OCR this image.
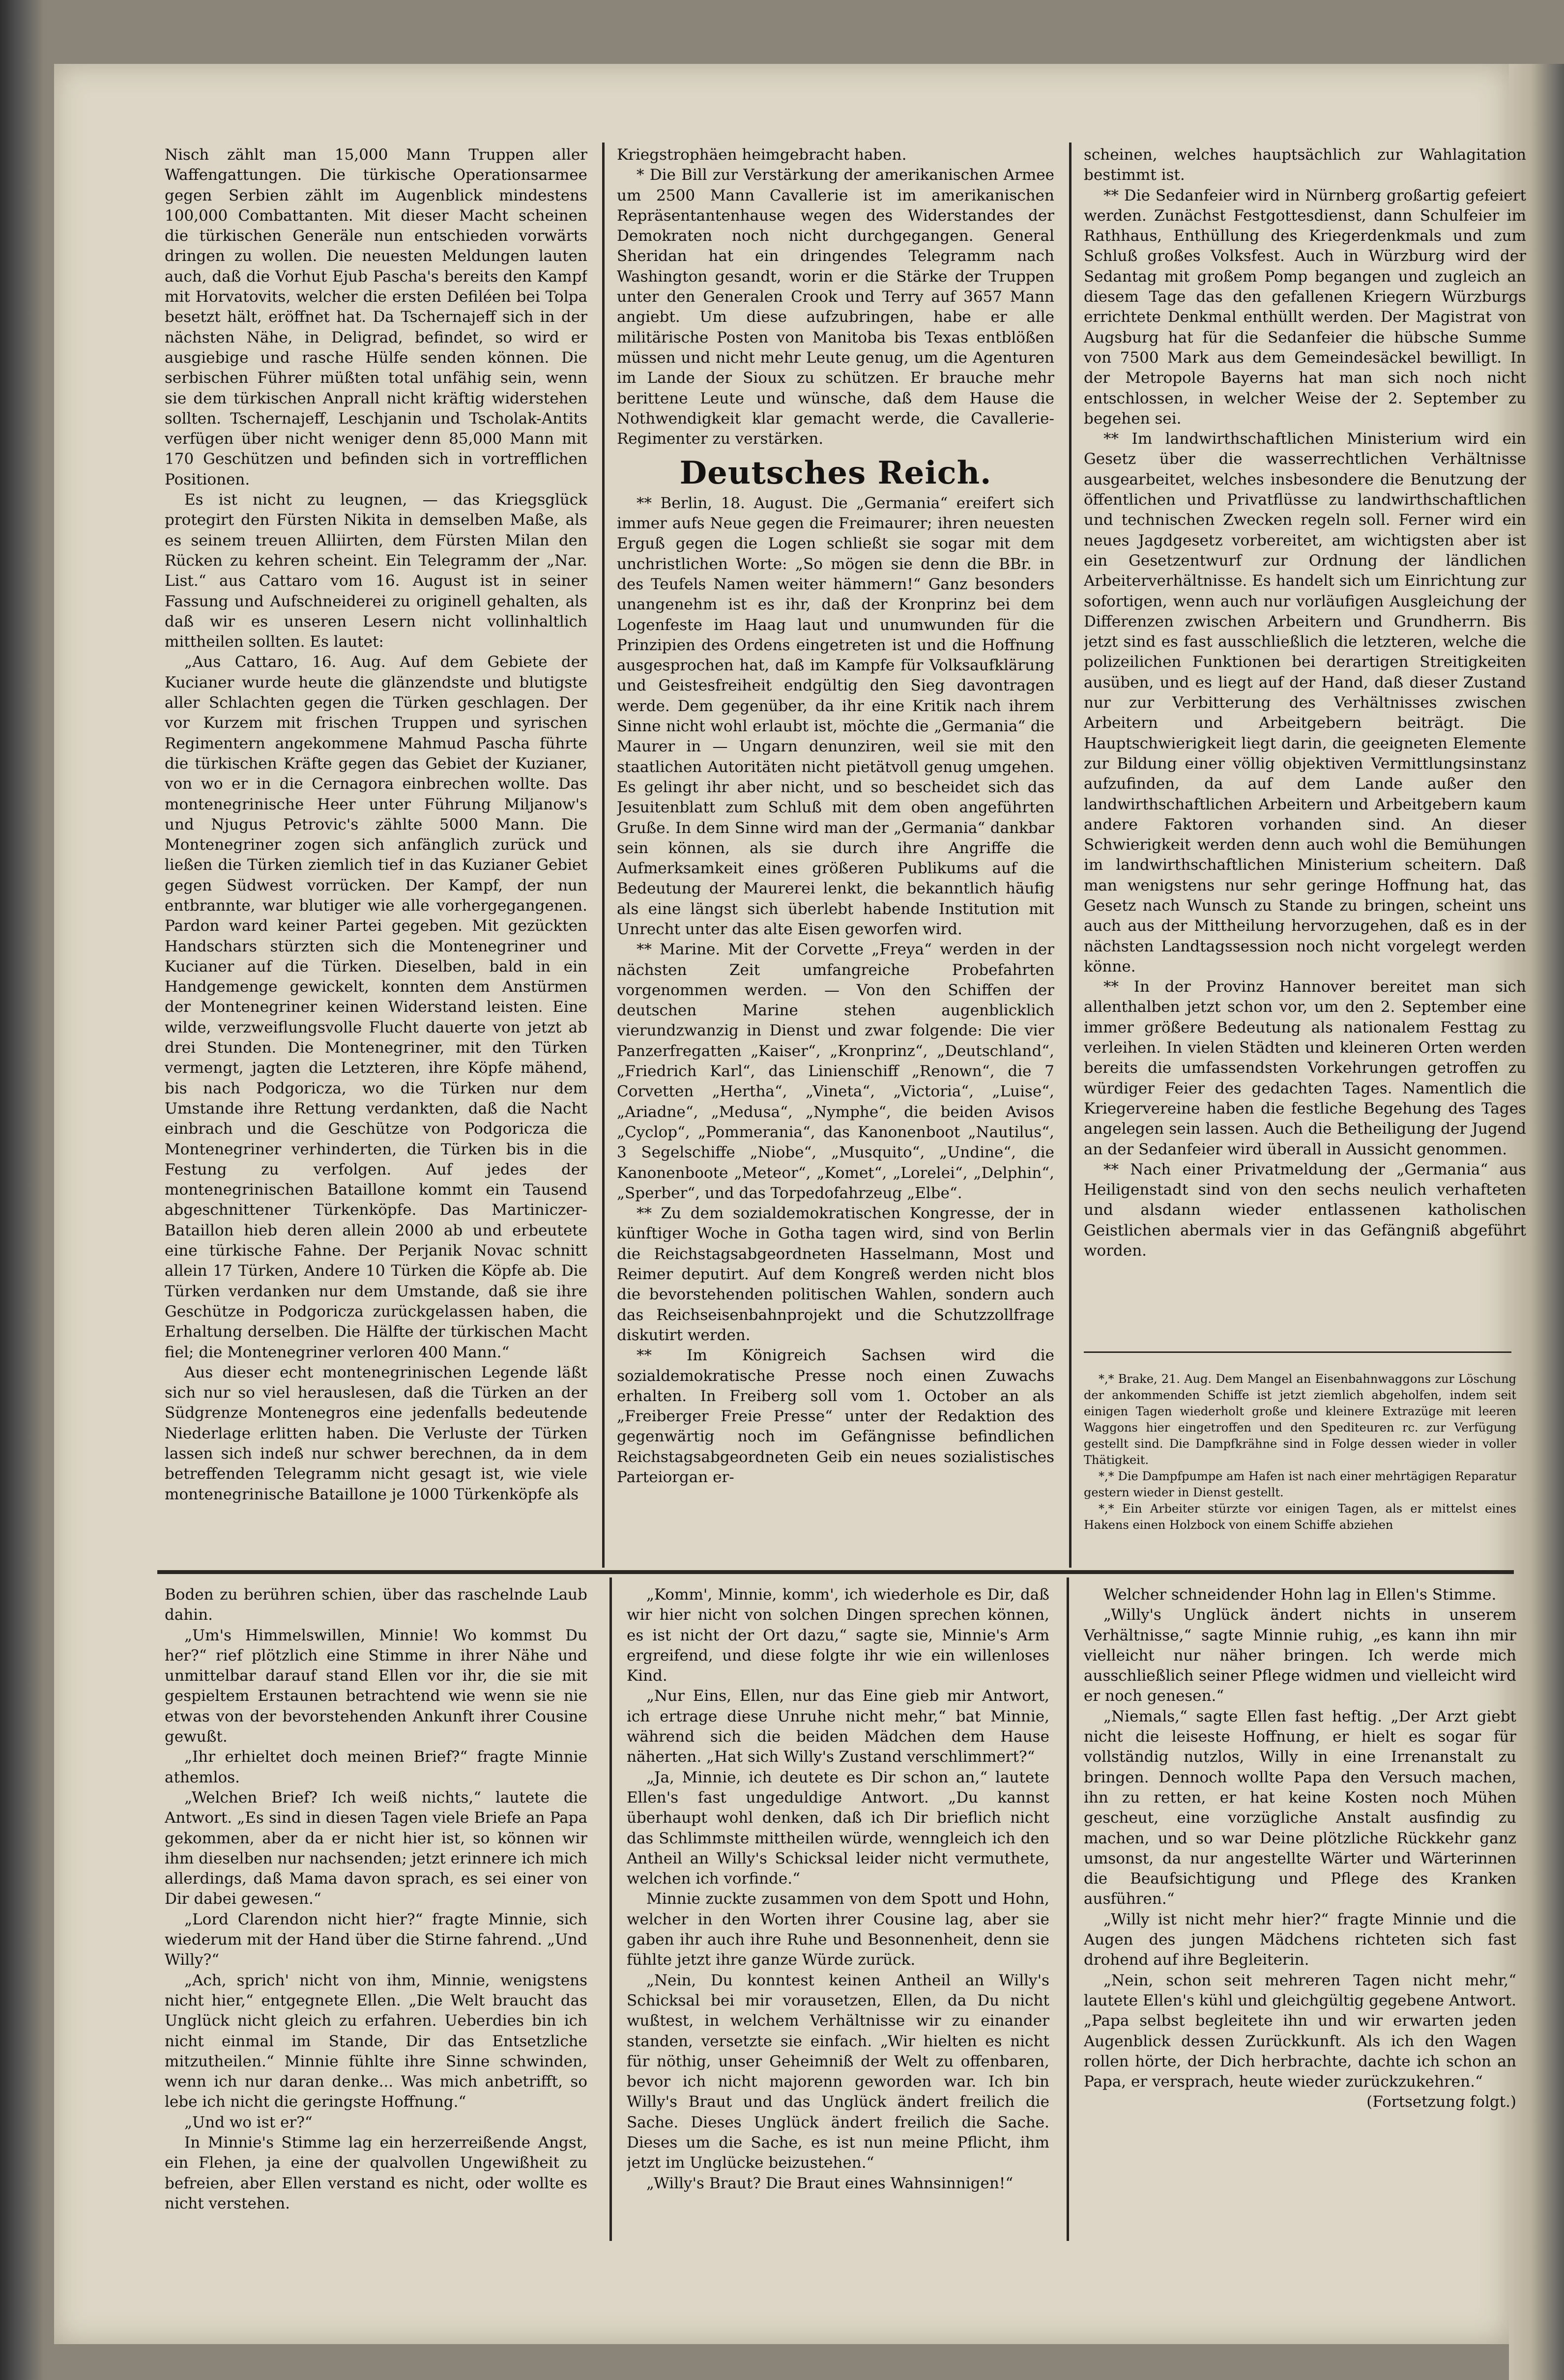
Nisch zählt man 15,000 Mann Truppen aller Waffengattungen. Die türkische Operationsarmee gegen Serbien zählt im Augenblick mindestens 100,000 Combattanten. Mit dieser Macht scheinen die türkischen Generäle nun entschieden vorwärts dringen zu wollen. Die neuesten Meldungen lauten auch, daß die Vorhut Ejub Pascha's bereits den Kampf mit Horvatovits, welcher die ersten Defiléen bei Tolpa besetzt hält, eröffnet hat. Da Tschernajeff sich in der nächsten Nähe, in Deligrad, befindet, so wird er ausgiebige und rasche Hülfe senden können. Die serbischen Führer müßten total unfähig sein, wenn sie dem türkischen Anprall nicht kräftig widerstehen sollten. Tschernajeff, Leschjanin und Tscholak-Antits verfügen über nicht weniger denn 85,000 Mann mit 170 Geschützen und befinden sich in vortrefflichen Positionen.

Es ist nicht zu leugnen, — das Kriegsglück protegirt den Fürsten Nikita in demselben Maße, als es seinem treuen Alliirten, dem Fürsten Milan den Rücken zu kehren scheint. Ein Telegramm der „Nar. List.“ aus Cattaro vom 16. August ist in seiner Fassung und Aufschneiderei zu originell gehalten, als daß wir es unseren Lesern nicht vollinhaltlich mittheilen sollten. Es lautet:

„Aus Cattaro, 16. Aug. Auf dem Gebiete der Kucianer wurde heute die glänzendste und blutigste aller Schlachten gegen die Türken geschlagen. Der vor Kurzem mit frischen Truppen und syrischen Regimentern angekommene Mahmud Pascha führte die türkischen Kräfte gegen das Gebiet der Kuzianer, von wo er in die Cernagora einbrechen wollte. Das montenegrinische Heer unter Führung Miljanow's und Njugus Petrovic's zählte 5000 Mann. Die Montenegriner zogen sich anfänglich zurück und ließen die Türken ziemlich tief in das Kuzianer Gebiet gegen Südwest vorrücken. Der Kampf, der nun entbrannte, war blutiger wie alle vorhergegangenen. Pardon ward keiner Partei gegeben. Mit gezückten Handschars stürzten sich die Montenegriner und Kucianer auf die Türken. Dieselben, bald in ein Handgemenge gewickelt, konnten dem Anstürmen der Montenegriner keinen Widerstand leisten. Eine wilde, verzweiflungsvolle Flucht dauerte von jetzt ab drei Stunden. Die Montenegriner, mit den Türken vermengt, jagten die Letzteren, ihre Köpfe mähend, bis nach Podgoricza, wo die Türken nur dem Umstande ihre Rettung verdankten, daß die Nacht einbrach und die Geschütze von Podgoricza die Montenegriner verhinderten, die Türken bis in die Festung zu verfolgen. Auf jedes der montenegrinischen Bataillone kommt ein Tausend abgeschnittener Türkenköpfe. Das Martiniczer-Bataillon hieb deren allein 2000 ab und erbeutete eine türkische Fahne. Der Perjanik Novac schnitt allein 17 Türken, Andere 10 Türken die Köpfe ab. Die Türken verdanken nur dem Umstande, daß sie ihre Geschütze in Podgoricza zurückgelassen haben, die Erhaltung derselben. Die Hälfte der türkischen Macht fiel; die Montenegriner verloren 400 Mann.“

Aus dieser echt montenegrinischen Legende läßt sich nur so viel herauslesen, daß die Türken an der Südgrenze Montenegros eine jedenfalls bedeutende Niederlage erlitten haben. Die Verluste der Türken lassen sich indeß nur schwer berechnen, da in dem betreffenden Telegramm nicht gesagt ist, wie viele montenegrinische Bataillone je 1000 Türkenköpfe als

Kriegstrophäen heimgebracht haben.

* Die Bill zur Verstärkung der amerikanischen Armee um 2500 Mann Cavallerie ist im amerikanischen Repräsentantenhause wegen des Widerstandes der Demokraten noch nicht durchgegangen. General Sheridan hat ein dringendes Telegramm nach Washington gesandt, worin er die Stärke der Truppen unter den Generalen Crook und Terry auf 3657 Mann angiebt. Um diese aufzubringen, habe er alle militärische Posten von Manitoba bis Texas entblößen müssen und nicht mehr Leute genug, um die Agenturen im Lande der Sioux zu schützen. Er brauche mehr berittene Leute und wünsche, daß dem Hause die Nothwendigkeit klar gemacht werde, die Cavallerie-Regimenter zu verstärken.

Deutsches Reich.

** Berlin, 18. August. Die „Germania“ ereifert sich immer aufs Neue gegen die Freimaurer; ihren neuesten Erguß gegen die Logen schließt sie sogar mit dem unchristlichen Worte: „So mögen sie denn die BBr. in des Teufels Namen weiter hämmern!“ Ganz besonders unangenehm ist es ihr, daß der Kronprinz bei dem Logenfeste im Haag laut und unumwunden für die Prinzipien des Ordens eingetreten ist und die Hoffnung ausgesprochen hat, daß im Kampfe für Volksaufklärung und Geistesfreiheit endgültig den Sieg davontragen werde. Dem gegenüber, da ihr eine Kritik nach ihrem Sinne nicht wohl erlaubt ist, möchte die „Germania“ die Maurer in — Ungarn denunziren, weil sie mit den staatlichen Autoritäten nicht pietätvoll genug umgehen. Es gelingt ihr aber nicht, und so bescheidet sich das Jesuitenblatt zum Schluß mit dem oben angeführten Gruße. In dem Sinne wird man der „Germania“ dankbar sein können, als sie durch ihre Angriffe die Aufmerksamkeit eines größeren Publikums auf die Bedeutung der Maurerei lenkt, die bekanntlich häufig als eine längst sich überlebt habende Institution mit Unrecht unter das alte Eisen geworfen wird.

** Marine. Mit der Corvette „Freya“ werden in der nächsten Zeit umfangreiche Probefahrten vorgenommen werden. — Von den Schiffen der deutschen Marine stehen augenblicklich vierundzwanzig in Dienst und zwar folgende: Die vier Panzerfregatten „Kaiser“, „Kronprinz“, „Deutschland“, „Friedrich Karl“, das Linienschiff „Renown“, die 7 Corvetten „Hertha“, „Vineta“, „Victoria“, „Luise“, „Ariadne“, „Medusa“, „Nymphe“, die beiden Avisos „Cyclop“, „Pommerania“, das Kanonenboot „Nautilus“, 3 Segelschiffe „Niobe“, „Musquito“, „Undine“, die Kanonenboote „Meteor“, „Komet“, „Lorelei“, „Delphin“, „Sperber“, und das Torpedofahrzeug „Elbe“.

** Zu dem sozialdemokratischen Kongresse, der in künftiger Woche in Gotha tagen wird, sind von Berlin die Reichstagsabgeordneten Hasselmann, Most und Reimer deputirt. Auf dem Kongreß werden nicht blos die bevorstehenden politischen Wahlen, sondern auch das Reichseisenbahnprojekt und die Schutzzollfrage diskutirt werden.

** Im Königreich Sachsen wird die sozialdemokratische Presse noch einen Zuwachs erhalten. In Freiberg soll vom 1. October an als „Freiberger Freie Presse“ unter der Redaktion des gegenwärtig noch im Gefängnisse befindlichen Reichstagsabgeordneten Geib ein neues sozialistisches Parteiorgan er-

scheinen, welches hauptsächlich zur Wahlagitation bestimmt ist.

** Die Sedanfeier wird in Nürnberg großartig gefeiert werden. Zunächst Festgottesdienst, dann Schulfeier im Rathhaus, Enthüllung des Kriegerdenkmals und zum Schluß großes Volksfest. Auch in Würzburg wird der Sedantag mit großem Pomp begangen und zugleich an diesem Tage das den gefallenen Kriegern Würzburgs errichtete Denkmal enthüllt werden. Der Magistrat von Augsburg hat für die Sedanfeier die hübsche Summe von 7500 Mark aus dem Gemeindesäckel bewilligt. In der Metropole Bayerns hat man sich noch nicht entschlossen, in welcher Weise der 2. September zu begehen sei.

** Im landwirthschaftlichen Ministerium wird ein Gesetz über die wasserrechtlichen Verhältnisse ausgearbeitet, welches insbesondere die Benutzung der öffentlichen und Privatflüsse zu landwirthschaftlichen und technischen Zwecken regeln soll. Ferner wird ein neues Jagdgesetz vorbereitet, am wichtigsten aber ist ein Gesetzentwurf zur Ordnung der ländlichen Arbeiterverhältnisse. Es handelt sich um Einrichtung zur sofortigen, wenn auch nur vorläufigen Ausgleichung der Differenzen zwischen Arbeitern und Grundherrn. Bis jetzt sind es fast ausschließlich die letzteren, welche die polizeilichen Funktionen bei derartigen Streitigkeiten ausüben, und es liegt auf der Hand, daß dieser Zustand nur zur Verbitterung des Verhältnisses zwischen Arbeitern und Arbeitgebern beiträgt. Die Hauptschwierigkeit liegt darin, die geeigneten Elemente zur Bildung einer völlig objektiven Vermittlungsinstanz aufzufinden, da auf dem Lande außer den landwirthschaftlichen Arbeitern und Arbeitgebern kaum andere Faktoren vorhanden sind. An dieser Schwierigkeit werden denn auch wohl die Bemühungen im landwirthschaftlichen Ministerium scheitern. Daß man wenigstens nur sehr geringe Hoffnung hat, das Gesetz nach Wunsch zu Stande zu bringen, scheint uns auch aus der Mittheilung hervorzugehen, daß es in der nächsten Landtagssession noch nicht vorgelegt werden könne.

** In der Provinz Hannover bereitet man sich allenthalben jetzt schon vor, um den 2. September eine immer größere Bedeutung als nationalem Festtag zu verleihen. In vielen Städten und kleineren Orten werden bereits die umfassendsten Vorkehrungen getroffen zu würdiger Feier des gedachten Tages. Namentlich die Kriegervereine haben die festliche Begehung des Tages angelegen sein lassen. Auch die Betheiligung der Jugend an der Sedanfeier wird überall in Aussicht genommen.

** Nach einer Privatmeldung der „Germania“ aus Heiligenstadt sind von den sechs neulich verhafteten und alsdann wieder entlassenen katholischen Geistlichen abermals vier in das Gefängniß abgeführt worden.

*,* Brake, 21. Aug. Dem Mangel an Eisenbahnwaggons zur Löschung der ankommenden Schiffe ist jetzt ziemlich abgeholfen, indem seit einigen Tagen wiederholt große und kleinere Extrazüge mit leeren Waggons hier eingetroffen und den Spediteuren rc. zur Verfügung gestellt sind. Die Dampfkrähne sind in Folge dessen wieder in voller Thätigkeit.

*,* Die Dampfpumpe am Hafen ist nach einer mehrtägigen Reparatur gestern wieder in Dienst gestellt.

*,* Ein Arbeiter stürzte vor einigen Tagen, als er mittelst eines Hakens einen Holzbock von einem Schiffe abziehen

Boden zu berühren schien, über das raschelnde Laub dahin.

„Um's Himmelswillen, Minnie! Wo kommst Du her?“ rief plötzlich eine Stimme in ihrer Nähe und unmittelbar darauf stand Ellen vor ihr, die sie mit gespieltem Erstaunen betrachtend wie wenn sie nie etwas von der bevorstehenden Ankunft ihrer Cousine gewußt.

„Ihr erhieltet doch meinen Brief?“ fragte Minnie athemlos.

„Welchen Brief? Ich weiß nichts,“ lautete die Antwort. „Es sind in diesen Tagen viele Briefe an Papa gekommen, aber da er nicht hier ist, so können wir ihm dieselben nur nachsenden; jetzt erinnere ich mich allerdings, daß Mama davon sprach, es sei einer von Dir dabei gewesen.“

„Lord Clarendon nicht hier?“ fragte Minnie, sich wiederum mit der Hand über die Stirne fahrend. „Und Willy?“

„Ach, sprich' nicht von ihm, Minnie, wenigstens nicht hier,“ entgegnete Ellen. „Die Welt braucht das Unglück nicht gleich zu erfahren. Ueberdies bin ich nicht einmal im Stande, Dir das Entsetzliche mitzutheilen.“ Minnie fühlte ihre Sinne schwinden, wenn ich nur daran denke... Was mich anbetrifft, so lebe ich nicht die geringste Hoffnung.“

„Und wo ist er?“

In Minnie's Stimme lag ein herzerreißende Angst, ein Flehen, ja eine der qualvollen Ungewißheit zu befreien, aber Ellen verstand es nicht, oder wollte es nicht verstehen.

„Komm', Minnie, komm', ich wiederhole es Dir, daß wir hier nicht von solchen Dingen sprechen können, es ist nicht der Ort dazu,“ sagte sie, Minnie's Arm ergreifend, und diese folgte ihr wie ein willenloses Kind.

„Nur Eins, Ellen, nur das Eine gieb mir Antwort, ich ertrage diese Unruhe nicht mehr,“ bat Minnie, während sich die beiden Mädchen dem Hause näherten. „Hat sich Willy's Zustand verschlimmert?“

„Ja, Minnie, ich deutete es Dir schon an,“ lautete Ellen's fast ungeduldige Antwort. „Du kannst überhaupt wohl denken, daß ich Dir brieflich nicht das Schlimmste mittheilen würde, wenngleich ich den Antheil an Willy's Schicksal leider nicht vermuthete, welchen ich vorfinde.“

Minnie zuckte zusammen von dem Spott und Hohn, welcher in den Worten ihrer Cousine lag, aber sie gaben ihr auch ihre Ruhe und Besonnenheit, denn sie fühlte jetzt ihre ganze Würde zurück.

„Nein, Du konntest keinen Antheil an Willy's Schicksal bei mir vorausetzen, Ellen, da Du nicht wußtest, in welchem Verhältnisse wir zu einander standen, versetzte sie einfach. „Wir hielten es nicht für nöthig, unser Geheimniß der Welt zu offenbaren, bevor ich nicht majorenn geworden war. Ich bin Willy's Braut und das Unglück ändert freilich die Sache. Dieses Unglück ändert freilich die Sache. Dieses um die Sache, es ist nun meine Pflicht, ihm jetzt im Unglücke beizustehen.“

„Willy's Braut? Die Braut eines Wahnsinnigen!“

Welcher schneidender Hohn lag in Ellen's Stimme.

„Willy's Unglück ändert nichts in unserem Verhältnisse,“ sagte Minnie ruhig, „es kann ihn mir vielleicht nur näher bringen. Ich werde mich ausschließlich seiner Pflege widmen und vielleicht wird er noch genesen.“

„Niemals,“ sagte Ellen fast heftig. „Der Arzt giebt nicht die leiseste Hoffnung, er hielt es sogar für vollständig nutzlos, Willy in eine Irrenanstalt zu bringen. Dennoch wollte Papa den Versuch machen, ihn zu retten, er hat keine Kosten noch Mühen gescheut, eine vorzügliche Anstalt ausfindig zu machen, und so war Deine plötzliche Rückkehr ganz umsonst, da nur angestellte Wärter und Wärterinnen die Beaufsichtigung und Pflege des Kranken ausführen.“

„Willy ist nicht mehr hier?“ fragte Minnie und die Augen des jungen Mädchens richteten sich fast drohend auf ihre Begleiterin.

„Nein, schon seit mehreren Tagen nicht mehr,“ lautete Ellen's kühl und gleichgültig gegebene Antwort. „Papa selbst begleitete ihn und wir erwarten jeden Augenblick dessen Zurückkunft. Als ich den Wagen rollen hörte, der Dich herbrachte, dachte ich schon an Papa, er versprach, heute wieder zurückzukehren.“

(Fortsetzung folgt.)
